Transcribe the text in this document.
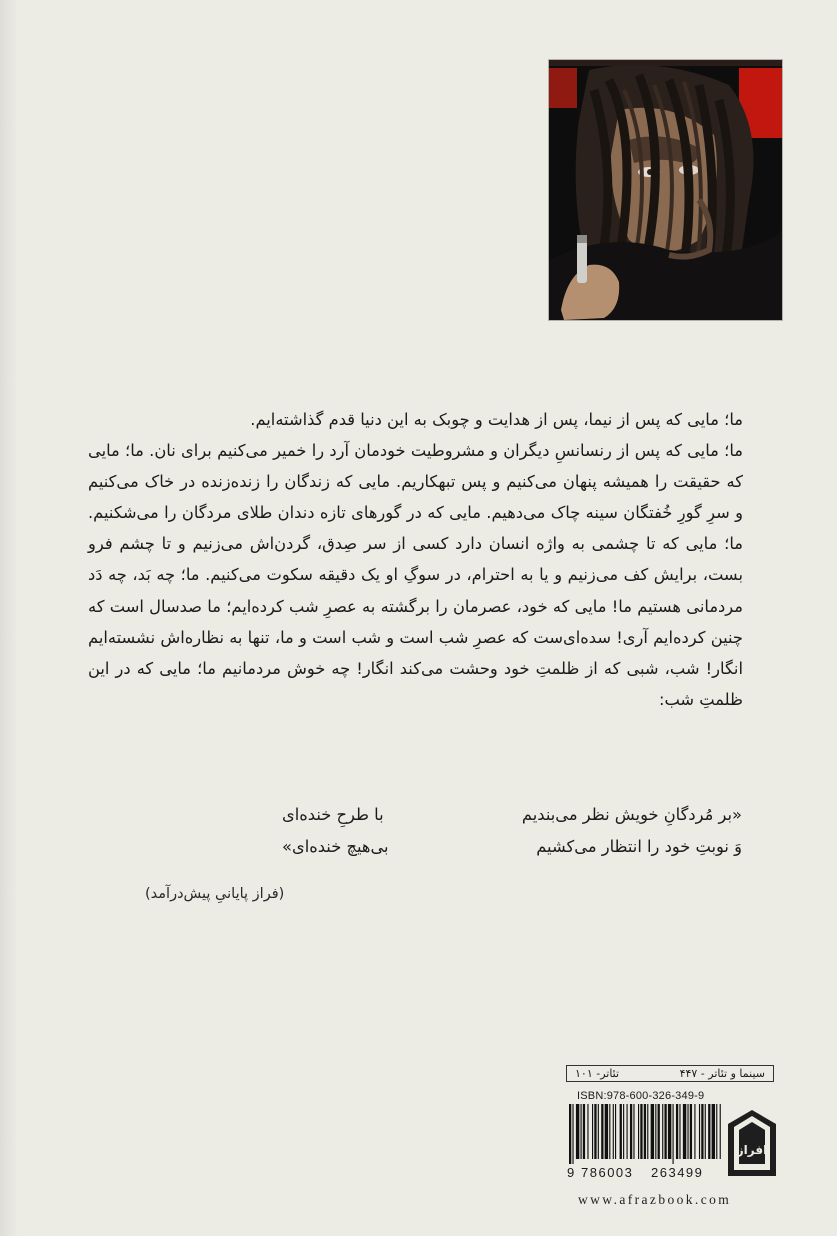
ما؛ مایی که پس از نیما، پس از هدایت و چوبک به این دنیا قدم گذاشته‌ایم.

ما؛ مایی که پس از رنسانسِ دیگران و مشروطیت خودمان آرد را خمیر می‌کنیم برای نان. ما؛ مایی که حقیقت را همیشه پنهان می‌کنیم و پس تبهکاریم. مایی که زندگان را زنده‌زنده در خاک می‌کنیم و سرِ گورِ خُفتگان سینه چاک می‌دهیم. مایی که در گورهای تازه دندان طلای مردگان را می‌شکنیم. ما؛ مایی که تا چشمی به واژه انسان دارد کسی از سر صِدق، گردن‌اش می‌زنیم و تا چشم فرو بست، برایش کف می‌زنیم و یا به احترام، در سوگِ او یک دقیقه سکوت می‌کنیم. ما؛ چه بَد، چه دَد مردمانی هستیم ما! مایی که خود، عصرمان را برگشته به عصرِ شب کرده‌ایم؛ ما صدسال است که چنین کرده‌ایم آری! سده‌ای‌ست که عصرِ شب است و شب است و ما، تنها به نظاره‌اش نشسته‌ایم انگار! شب، شبی که از ظلمتِ خود وحشت می‌کند انگار! چه خوش مردمانیم ما؛ مایی که در این ظلمتِ شب:

«بر مُردگانِ خویش نظر می‌بندیم
با طرحِ خنده‌ای
وَ نوبتِ خود را انتظار می‌کشیم
بی‌هیچ خنده‌ای»
(فراز پایانیِ پیش‌درآمد)
سینما و تئاتر - ۴۴۷
تئاتر- ۱۰۱
ISBN:978-600-326-349-9
9 786003	263499
افراز
www.afrazbook.com
